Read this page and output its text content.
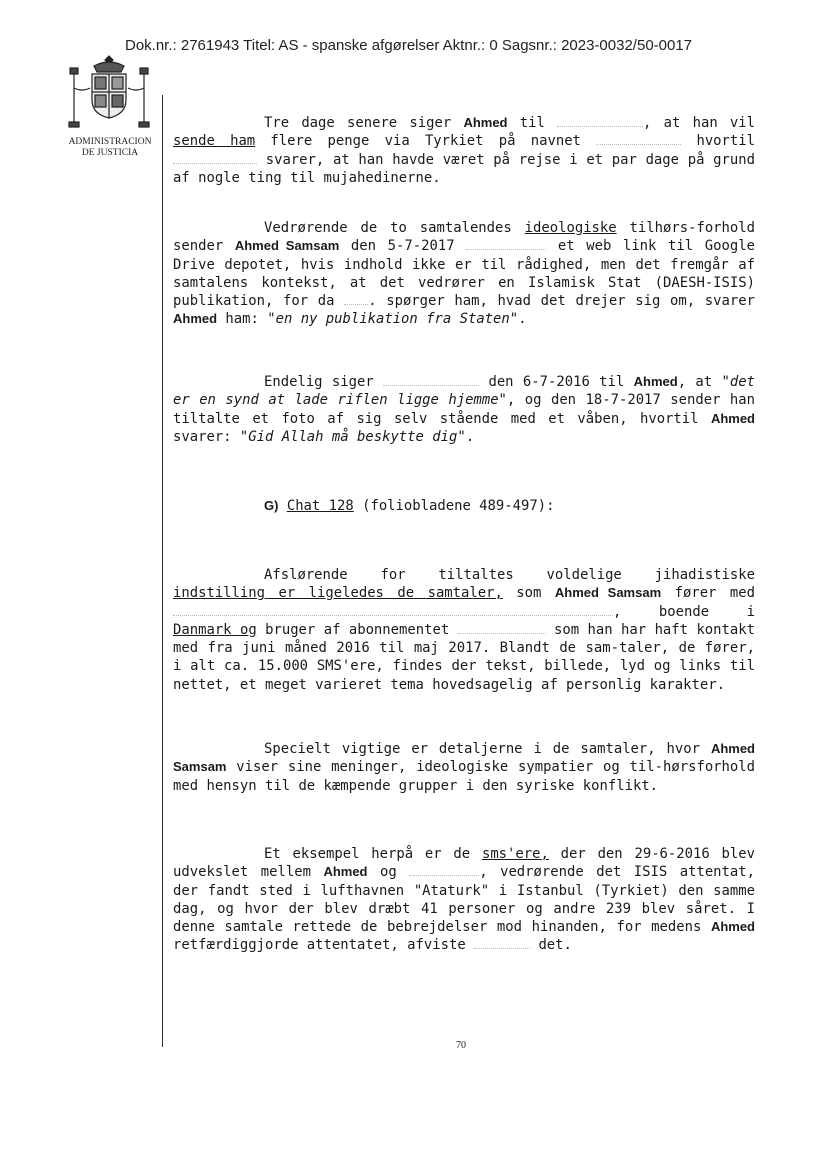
Dok.nr.: 2761943 Titel: AS - spanske afgørelser Aktnr.: 0 Sagsnr.: 2023-0032/50-0017
ADMINISTRACION
DE JUSTICIA
Tre dage senere siger Ahmed til	, at han vil sende ham flere penge via Tyrkiet på navnet	hvortil  svarer, at han havde været på rejse i et par dage på grund af nogle ting til mujahedinerne.
Vedrørende de to samtalendes ideologiske tilhørs-forhold sender Ahmed Samsam den 5-7-2017	et web link til Google Drive depotet, hvis indhold ikke er til rådighed, men det fremgår af samtalens kontekst, at det vedrører en Islamisk Stat (DAESH-ISIS) publikation, for da . spørger ham, hvad det drejer sig om, svarer Ahmed ham: "en ny publikation fra Staten".
Endelig siger	den 6-7-2016 til Ahmed, at "det er en synd at lade riflen ligge hjemme", og den 18-7-2017 sender han tiltalte et foto af sig selv stående med et våben, hvortil Ahmed svarer: "Gid Allah må beskytte dig".
G) Chat 128 (foliobladene 489-497):
Afslørende for tiltaltes voldelige jihadistiske indstilling er ligeledes de samtaler, som Ahmed Samsam fører med , boende i Danmark og bruger af abonnementet	som han har haft kontakt med fra juni måned 2016 til maj 2017. Blandt de sam-taler, de fører, i alt ca. 15.000 SMS'ere, findes der tekst, billede, lyd og links til nettet, et meget varieret tema hovedsagelig af personlig karakter.
Specielt vigtige er detaljerne i de samtaler, hvor Ahmed Samsam viser sine meninger, ideologiske sympatier og til-hørsforhold med hensyn til de kæmpende grupper i den syriske konflikt.
Et eksempel herpå er de sms'ere, der den 29-6-2016 blev udvekslet mellem Ahmed og	, vedrørende det ISIS attentat, der fandt sted i lufthavnen "Ataturk" i Istanbul (Tyrkiet) den samme dag, og hvor der blev dræbt 41 personer og andre 239 blev såret. I denne samtale rettede de bebrejdelser mod hinanden, for medens Ahmed retfærdiggjorde attentatet, afviste	det.
70
